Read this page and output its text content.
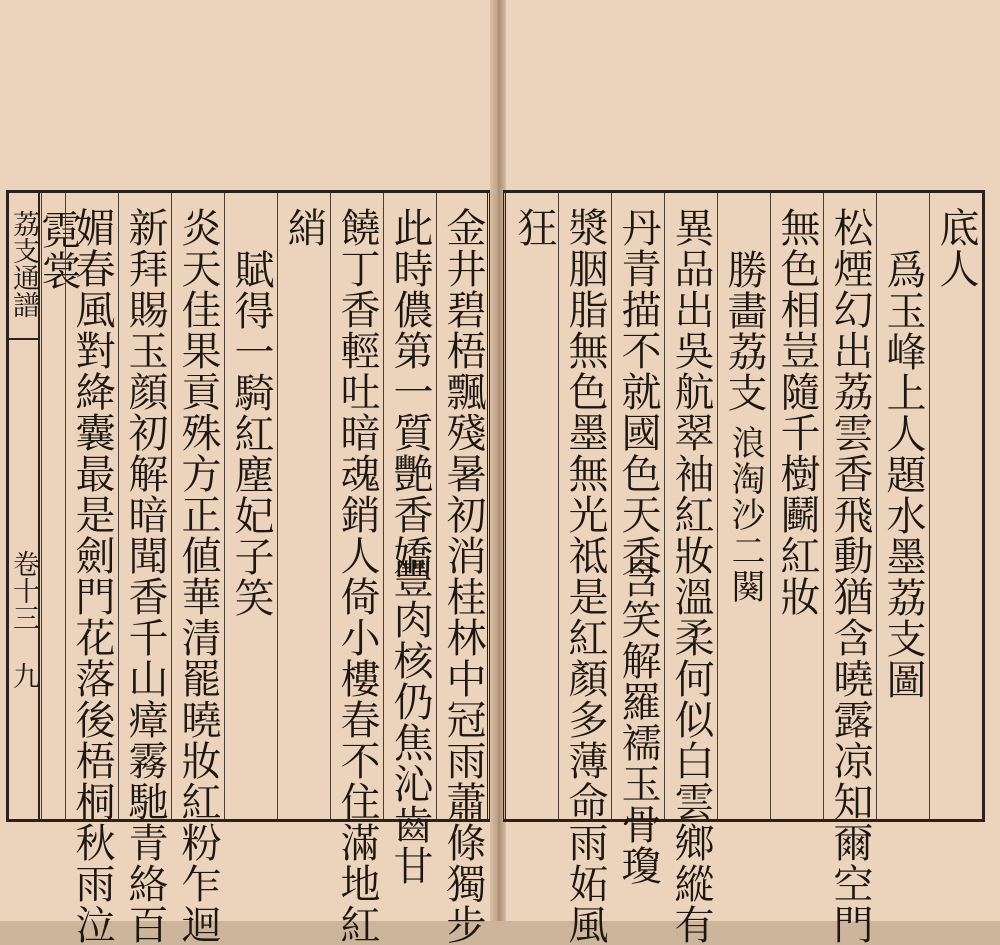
底人
爲玉峰上人題水墨荔支圖
松煙幻出荔雲香飛動猶含曉露凉知爾空門
無色相豈隨千樹鬬紅妝
勝畵荔支
浪淘沙二闋
異品出吳航翠袖紅妝溫柔何似白雲鄉縱有
丹青描不就國色天香
含笑解羅襦玉骨瓊
漿胭脂無色墨無光祗是紅顏多薄命雨妬風
狂
金井碧梧飄殘暑初消桂林中冠雨蕭條獨步
此時儂第一質艷香嬌
豐肉核仍焦沁齒甘
饒丁香輕吐暗魂銷人倚小樓春不住滿地紅
綃
賦得一騎紅塵妃子笑
炎天佳果貢殊方正値華清罷曉妝紅粉乍迴
新拜賜玉顔初解暗聞香千山瘴霧馳青絡百
媚春風對絳囊最是劍門花落後梧桐秋雨泣
霓裳
荔支通譜
卷十三
九
